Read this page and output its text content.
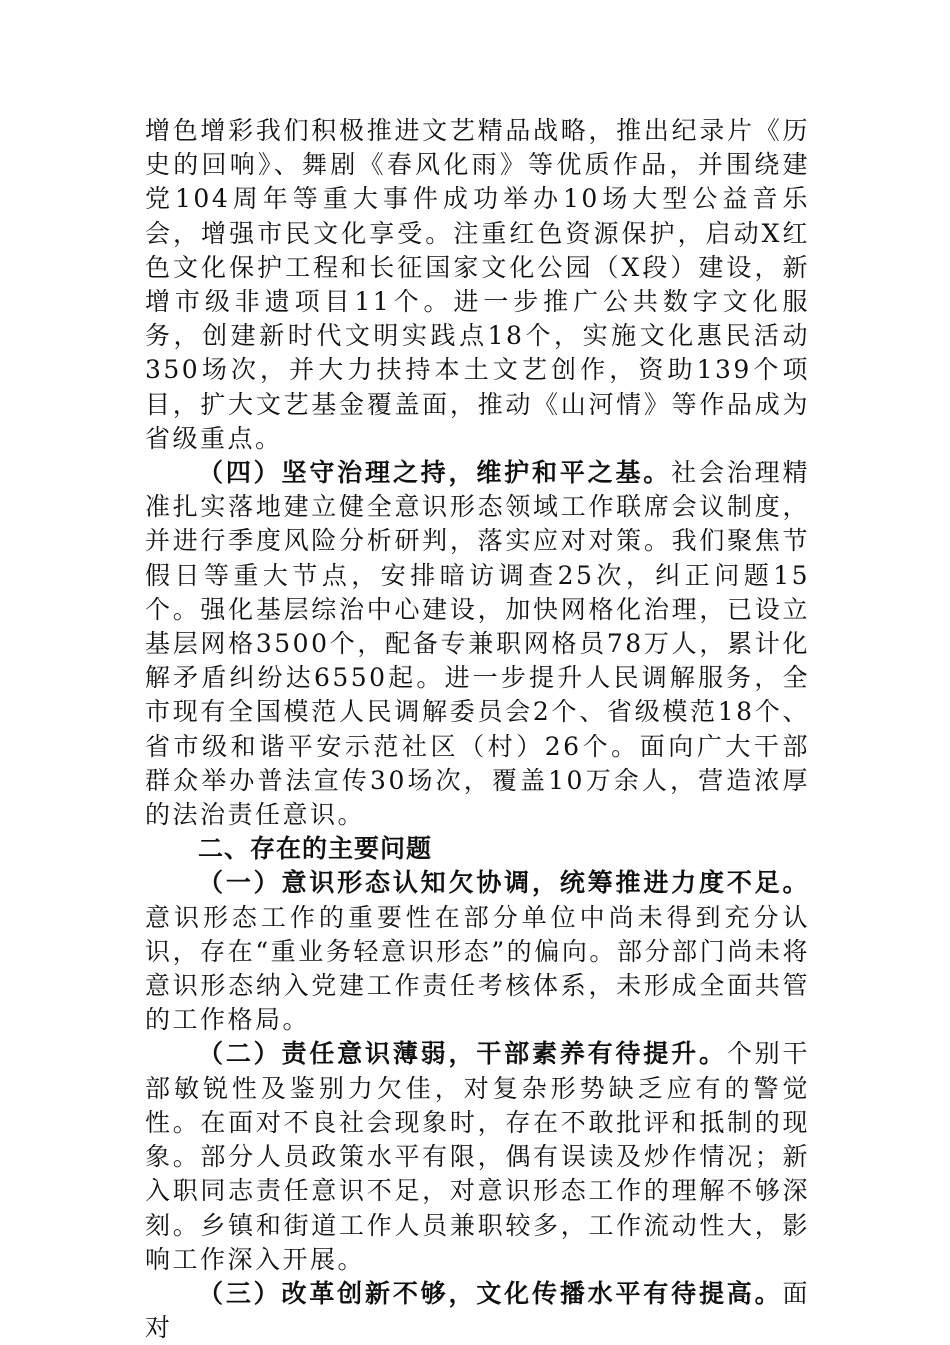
增色增彩我们积极推进文艺精品战略，推出纪录片《历史的回响》、舞剧《春风化雨》等优质作品，并围绕建党104周年等重大事件成功举办10场大型公益音乐会，增强市民文化享受。注重红色资源保护，启动X红色文化保护工程和长征国家文化公园（X段）建设，新增市级非遗项目11个。进一步推广公共数字文化服务，创建新时代文明实践点18个，实施文化惠民活动350场次，并大力扶持本土文艺创作，资助139个项目，扩大文艺基金覆盖面，推动《山河情》等作品成为省级重点。

（四）坚守治理之持，维护和平之基。社会治理精准扎实落地建立健全意识形态领域工作联席会议制度，并进行季度风险分析研判，落实应对对策。我们聚焦节假日等重大节点，安排暗访调查25次，纠正问题15个。强化基层综治中心建设，加快网格化治理，已设立基层网格3500个，配备专兼职网格员78万人，累计化解矛盾纠纷达6550起。进一步提升人民调解服务，全市现有全国模范人民调解委员会2个、省级模范18个、省市级和谐平安示范社区（村）26个。面向广大干部群众举办普法宣传30场次，覆盖10万余人，营造浓厚的法治责任意识。

二、存在的主要问题

（一）意识形态认知欠协调，统筹推进力度不足。意识形态工作的重要性在部分单位中尚未得到充分认识，存在“重业务轻意识形态”的偏向。部分部门尚未将意识形态纳入党建工作责任考核体系，未形成全面共管的工作格局。

（二）责任意识薄弱，干部素养有待提升。个别干部敏锐性及鉴别力欠佳，对复杂形势缺乏应有的警觉性。在面对不良社会现象时，存在不敢批评和抵制的现象。部分人员政策水平有限，偶有误读及炒作情况；新入职同志责任意识不足，对意识形态工作的理解不够深刻。乡镇和街道工作人员兼职较多，工作流动性大，影响工作深入开展。

（三）改革创新不够，文化传播水平有待提高。面对
